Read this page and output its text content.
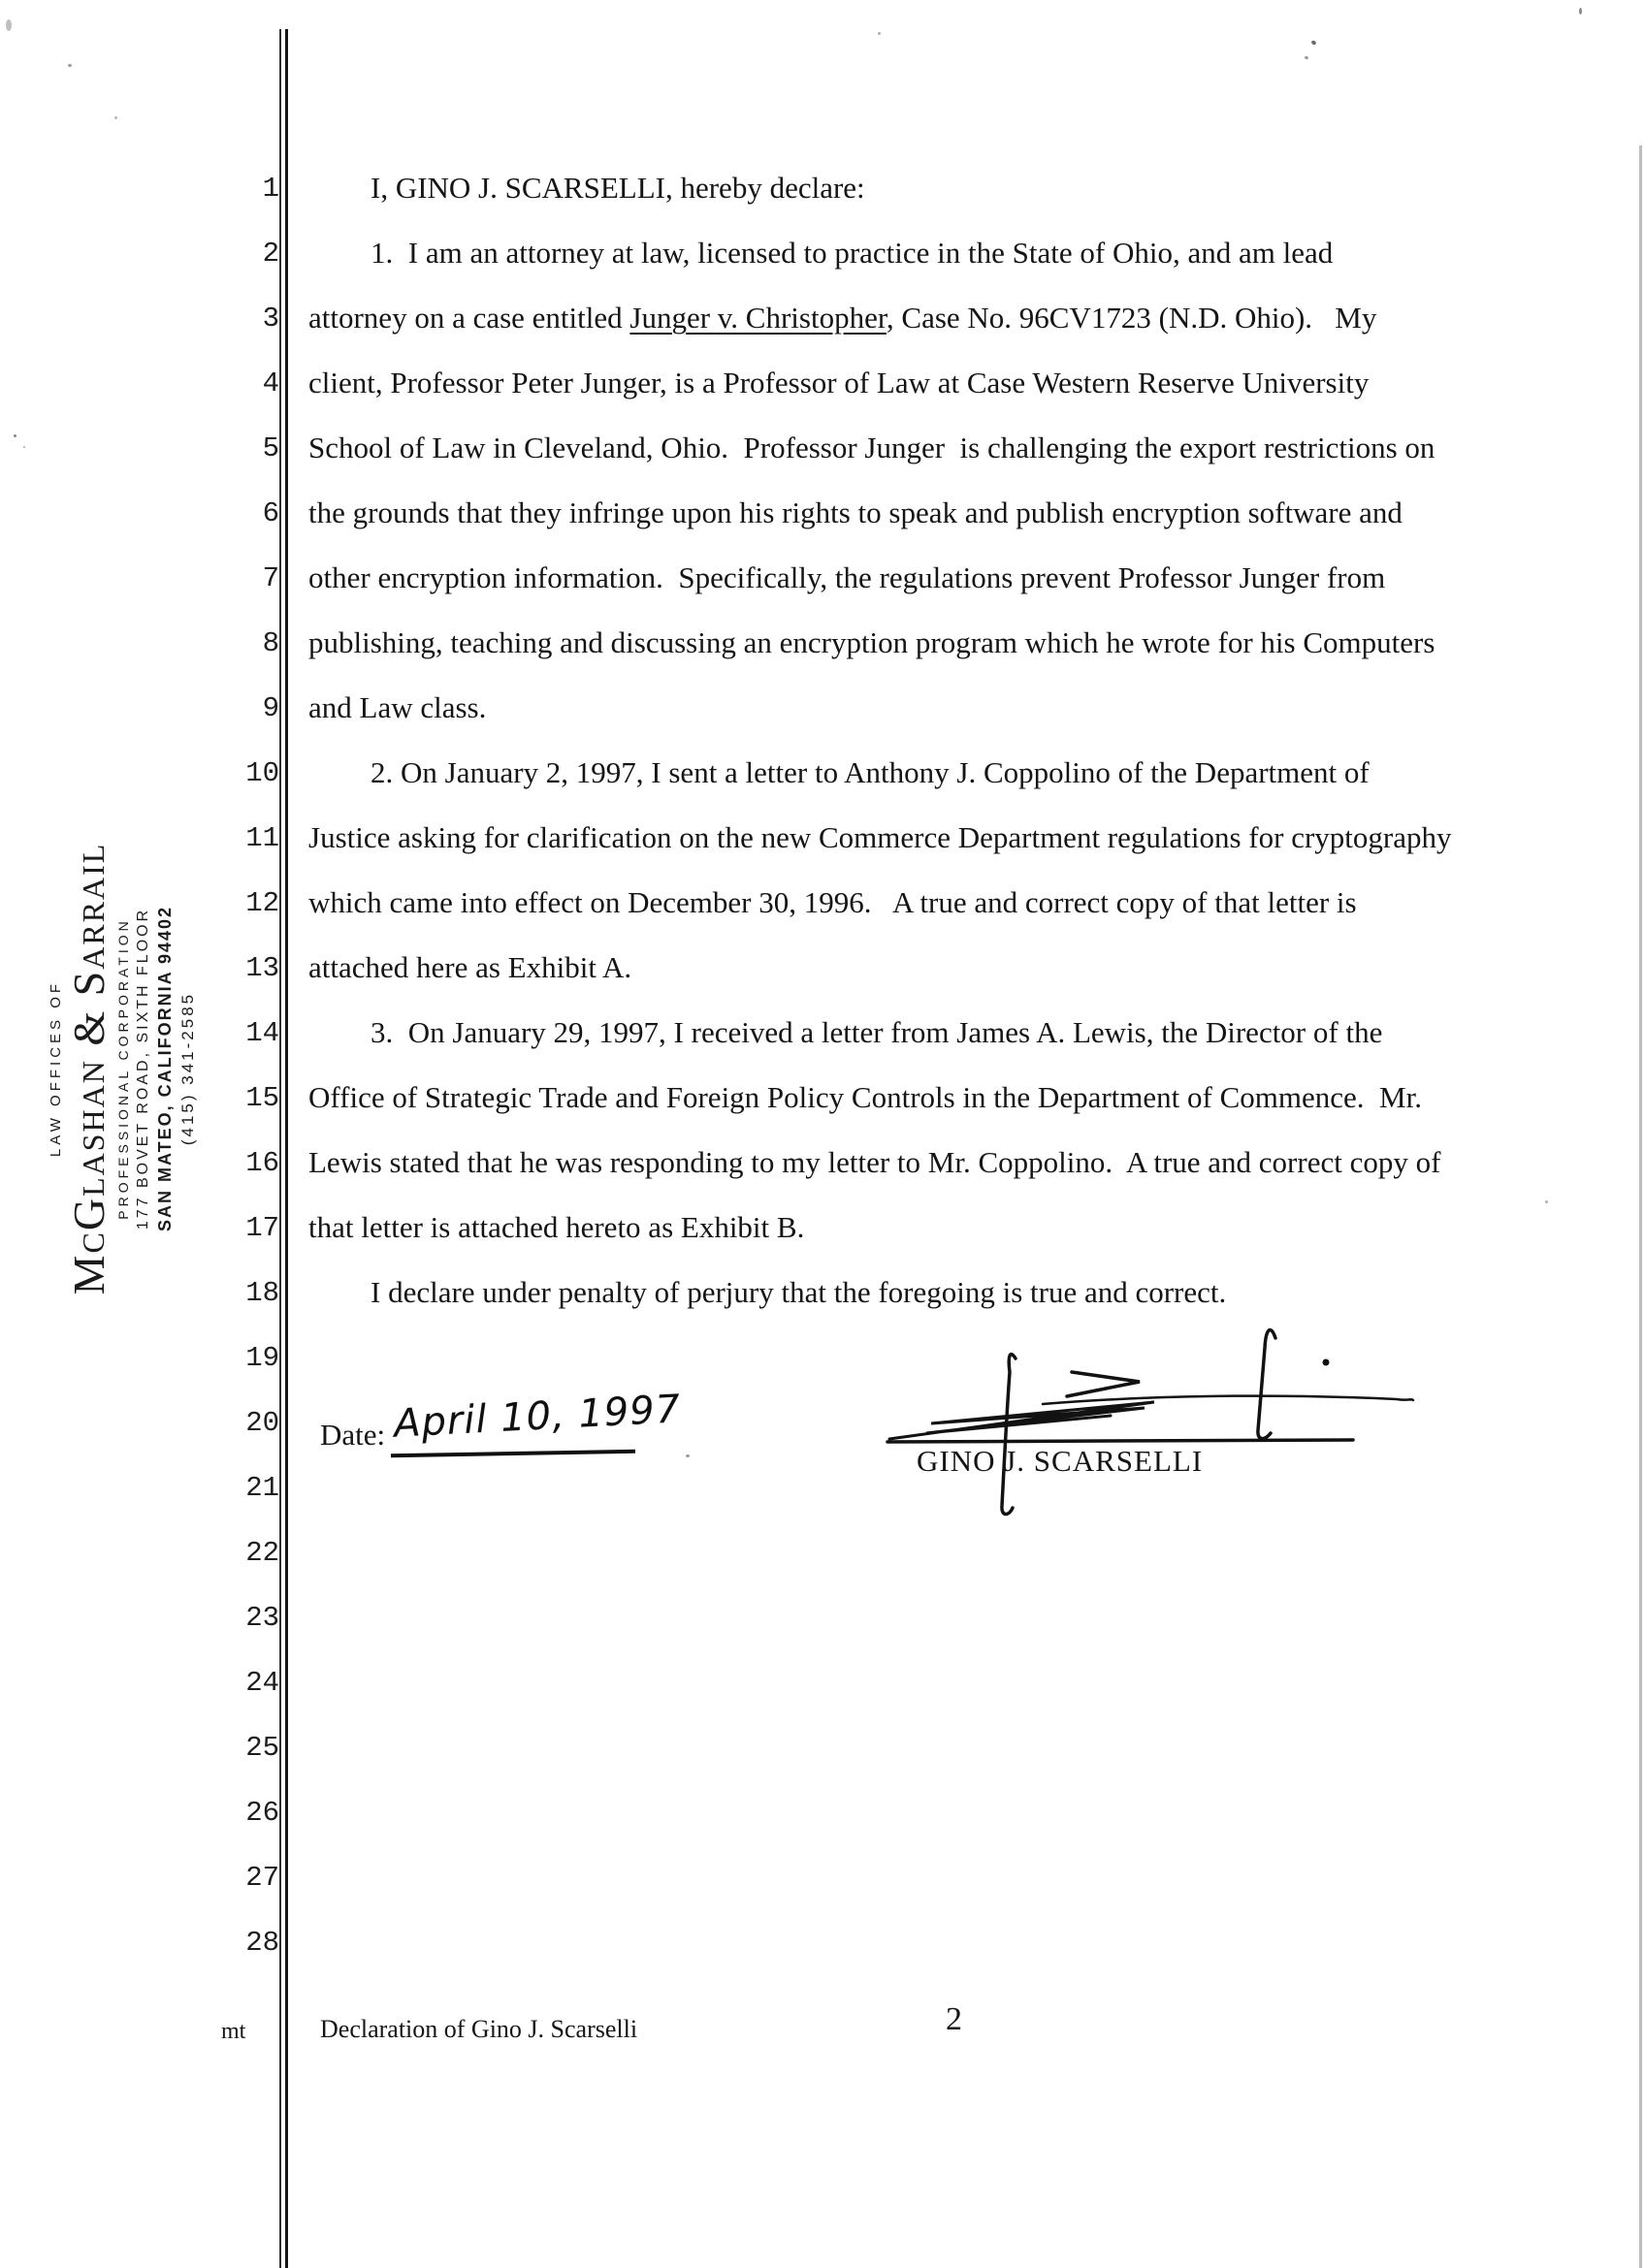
LAW OFFICES OF McGlashan & Sarrail PROFESSIONAL CORPORATION 177 BOVET ROAD, SIXTH FLOOR SAN MATEO, CALIFORNIA 94402 (415) 341-2585
1
2
3
4
5
6
7
8
9
10
11
12
13
14
15
16
17
18
19
20
21
22
23
24
25
26
27
28
I, GINO J. SCARSELLI, hereby declare:
1.  I am an attorney at law, licensed to practice in the State of Ohio, and am lead
attorney on a case entitled Junger v. Christopher, Case No. 96CV1723 (N.D. Ohio).   My
client, Professor Peter Junger, is a Professor of Law at Case Western Reserve University
School of Law in Cleveland, Ohio.  Professor Junger  is challenging the export restrictions on
the grounds that they infringe upon his rights to speak and publish encryption software and
other encryption information.  Specifically, the regulations prevent Professor Junger from
publishing, teaching and discussing an encryption program which he wrote for his Computers
and Law class.
2. On January 2, 1997, I sent a letter to Anthony J. Coppolino of the Department of
Justice asking for clarification on the new Commerce Department regulations for cryptography
which came into effect on December 30, 1996.   A true and correct copy of that letter is
attached here as Exhibit A.
3.  On January 29, 1997, I received a letter from James A. Lewis, the Director of the
Office of Strategic Trade and Foreign Policy Controls in the Department of Commence.  Mr.
Lewis stated that he was responding to my letter to Mr. Coppolino.  A true and correct copy of
that letter is attached hereto as Exhibit B.
I declare under penalty of perjury that the foregoing is true and correct.
Date: April 10, 1997
GINO J. SCARSELLI
mt	Declaration of Gino J. Scarselli	2
